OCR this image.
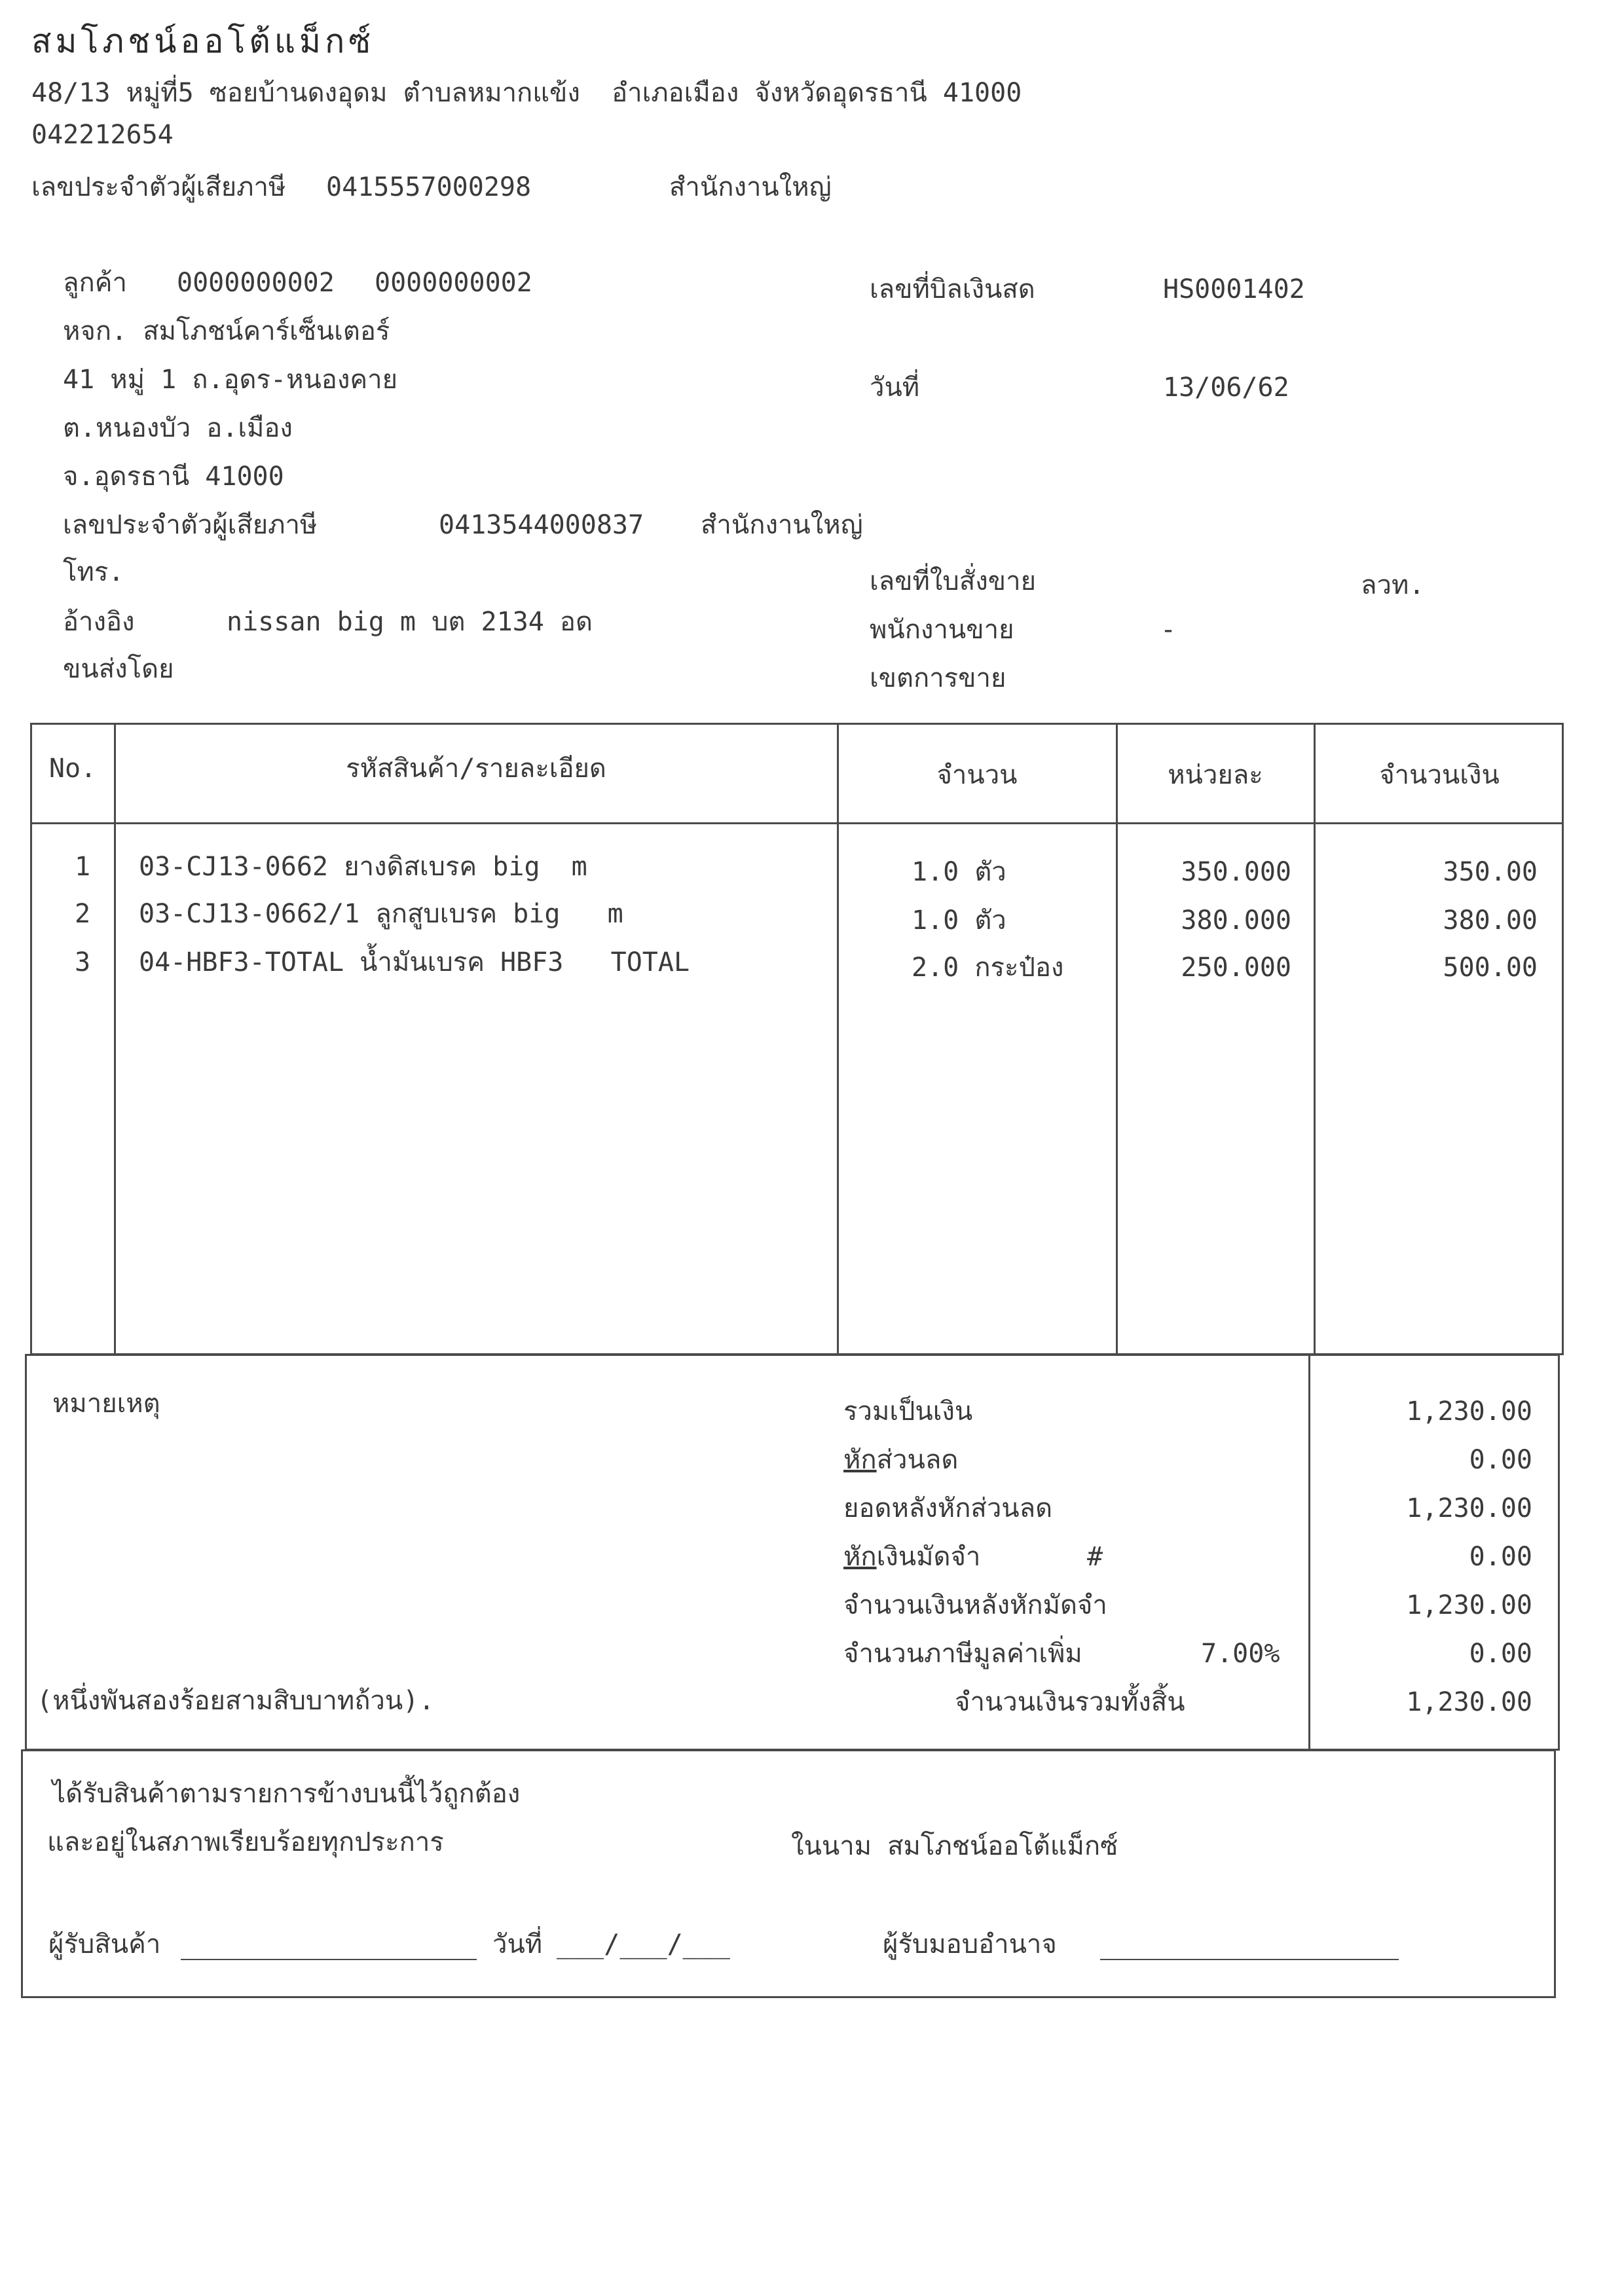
สมโภชน์ออโต้แม็กซ์
48/13 หมู่ที่5 ซอยบ้านดงอุดม ตำบลหมากแข้ง  อำเภอเมือง จังหวัดอุดรธานี 41000
042212654
เลขประจำตัวผู้เสียภาษี 0415557000298	สำนักงานใหญ่
ลูกค้า 0000000002 0000000002
หจก. สมโภชน์คาร์เซ็นเตอร์
41 หมู่ 1 ถ.อุดร-หนองคาย
ต.หนองบัว อ.เมือง
จ.อุดรธานี 41000
เลขประจำตัวผู้เสียภาษี	0413544000837 สำนักงานใหญ่
โทร.
อ้างอิง	nissan big m บต 2134 อด
ขนส่งโดย
เลขที่บิลเงินสด	HS0001402
วันที่	13/06/62
เลขที่ใบสั่งขาย	ลวท.
พนักงานขาย	-
เขตการขาย
No.	รหัสสินค้า/รายละเอียด	จำนวน	หน่วยละ	จำนวนเงิน
1	03-CJ13-0662 ยางดิสเบรค big  m	1.0 ตัว	350.000	350.00
2	03-CJ13-0662/1 ลูกสูบเบรค big   m	1.0 ตัว	380.000	380.00
3	04-HBF3-TOTAL น้ำมันเบรค HBF3   TOTAL	2.0 กระป๋อง	250.000	500.00
หมายเหตุ
(หนึ่งพันสองร้อยสามสิบบาทถ้วน).
รวมเป็นเงิน	1,230.00
หักส่วนลด	0.00
ยอดหลังหักส่วนลด	1,230.00
หักเงินมัดจำ	#	0.00
จำนวนเงินหลังหักมัดจำ	1,230.00
จำนวนภาษีมูลค่าเพิ่ม	7.00%	0.00
จำนวนเงินรวมทั้งสิ้น	1,230.00
ได้รับสินค้าตามรายการข้างบนนี้ไว้ถูกต้อง
และอยู่ในสภาพเรียบร้อยทุกประการ	ในนาม สมโภชน์ออโต้แม็กซ์
ผู้รับสินค้า	วันที่ ___/___/___	ผู้รับมอบอำนาจ
